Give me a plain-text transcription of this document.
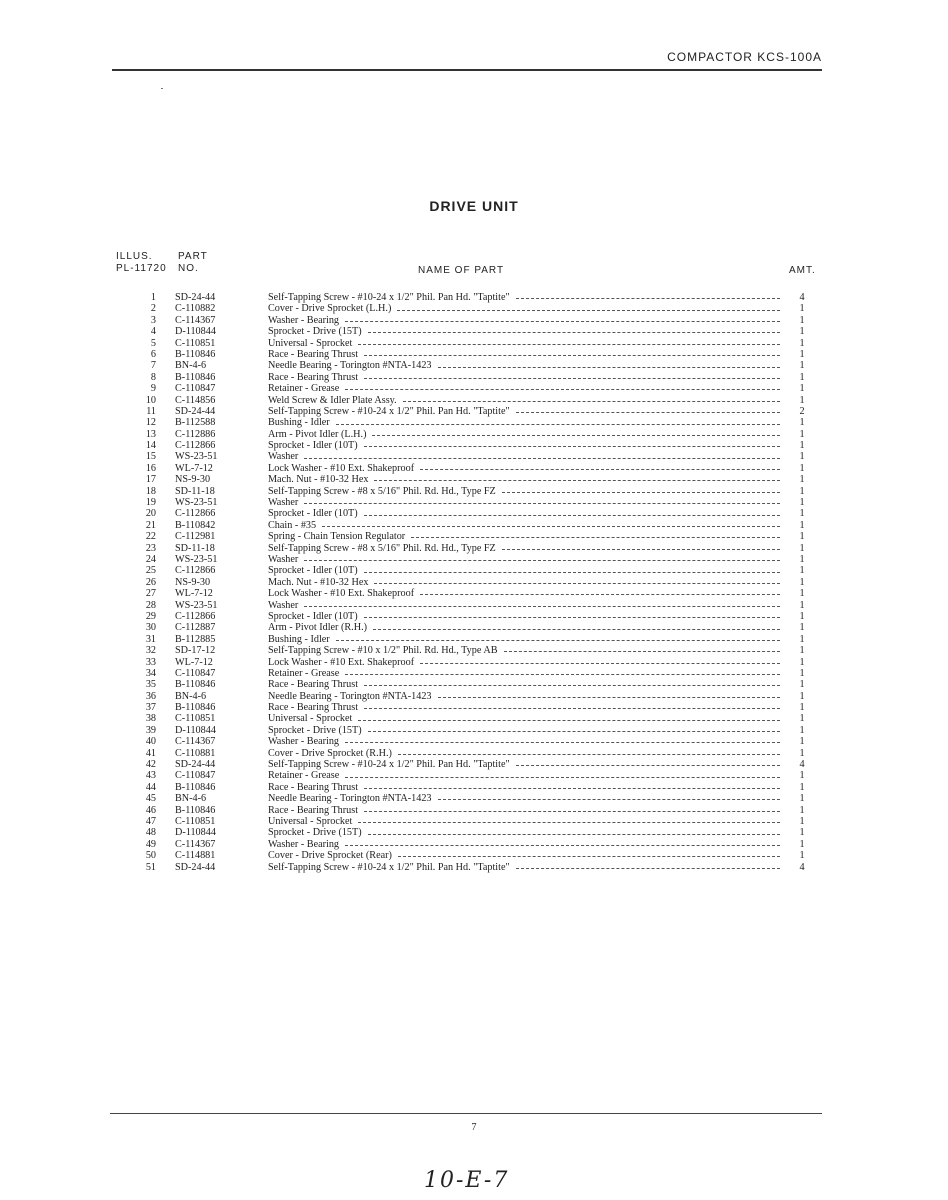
COMPACTOR KCS-100A
DRIVE UNIT
ILLUS.
PL-11720
PART
NO.	NAME OF PART	AMT.
1 SD-24-44	Self-Tapping Screw - #10-24 x 1/2" Phil. Pan Hd. "Taptite"	4
2 C-110882	Cover - Drive Sprocket (L.H.)	1
3 C-114367	Washer - Bearing	1
4 D-110844	Sprocket - Drive (15T)	1
5 C-110851	Universal - Sprocket	1
6 B-110846	Race - Bearing Thrust	1
7 BN-4-6	Needle Bearing - Torington #NTA-1423	1
8 B-110846	Race - Bearing Thrust	1
9 C-110847	Retainer - Grease	1
10 C-114856	Weld Screw & Idler Plate Assy.	1
11 SD-24-44	Self-Tapping Screw - #10-24 x 1/2" Phil. Pan Hd. "Taptite"	2
12 B-112588	Bushing - Idler	1
13 C-112886	Arm - Pivot Idler (L.H.)	1
14 C-112866	Sprocket - Idler (10T)	1
15 WS-23-51	Washer	1
16 WL-7-12	Lock Washer - #10 Ext. Shakeproof	1
17 NS-9-30	Mach. Nut - #10-32 Hex	1
18 SD-11-18	Self-Tapping Screw - #8 x 5/16" Phil. Rd. Hd., Type FZ	1
19 WS-23-51	Washer	1
20 C-112866	Sprocket - Idler (10T)	1
21 B-110842	Chain - #35	1
22 C-112981	Spring - Chain Tension Regulator	1
23 SD-11-18	Self-Tapping Screw - #8 x 5/16" Phil. Rd. Hd., Type FZ	1
24 WS-23-51	Washer	1
25 C-112866	Sprocket - Idler (10T)	1
26 NS-9-30	Mach. Nut - #10-32 Hex	1
27 WL-7-12	Lock Washer - #10 Ext. Shakeproof	1
28 WS-23-51	Washer	1
29 C-112866	Sprocket - Idler (10T)	1
30 C-112887	Arm - Pivot Idler (R.H.)	1
31 B-112885	Bushing - Idler	1
32 SD-17-12	Self-Tapping Screw - #10 x 1/2" Phil. Rd. Hd., Type AB	1
33 WL-7-12	Lock Washer - #10 Ext. Shakeproof	1
34 C-110847	Retainer - Grease	1
35 B-110846	Race - Bearing Thrust	1
36 BN-4-6	Needle Bearing - Torington #NTA-1423	1
37 B-110846	Race - Bearing Thrust	1
38 C-110851	Universal - Sprocket	1
39 D-110844	Sprocket - Drive (15T)	1
40 C-114367	Washer - Bearing	1
41 C-110881	Cover - Drive Sprocket (R.H.)	1
42 SD-24-44	Self-Tapping Screw - #10-24 x 1/2" Phil. Pan Hd. "Taptite"	4
43 C-110847	Retainer - Grease	1
44 B-110846	Race - Bearing Thrust	1
45 BN-4-6	Needle Bearing - Torington #NTA-1423	1
46 B-110846	Race - Bearing Thrust	1
47 C-110851	Universal - Sprocket	1
48 D-110844	Sprocket - Drive (15T)	1
49 C-114367	Washer - Bearing	1
50 C-114881	Cover - Drive Sprocket (Rear)	1
51 SD-24-44	Self-Tapping Screw - #10-24 x 1/2" Phil. Pan Hd. "Taptite"	4
7
10-E-7
